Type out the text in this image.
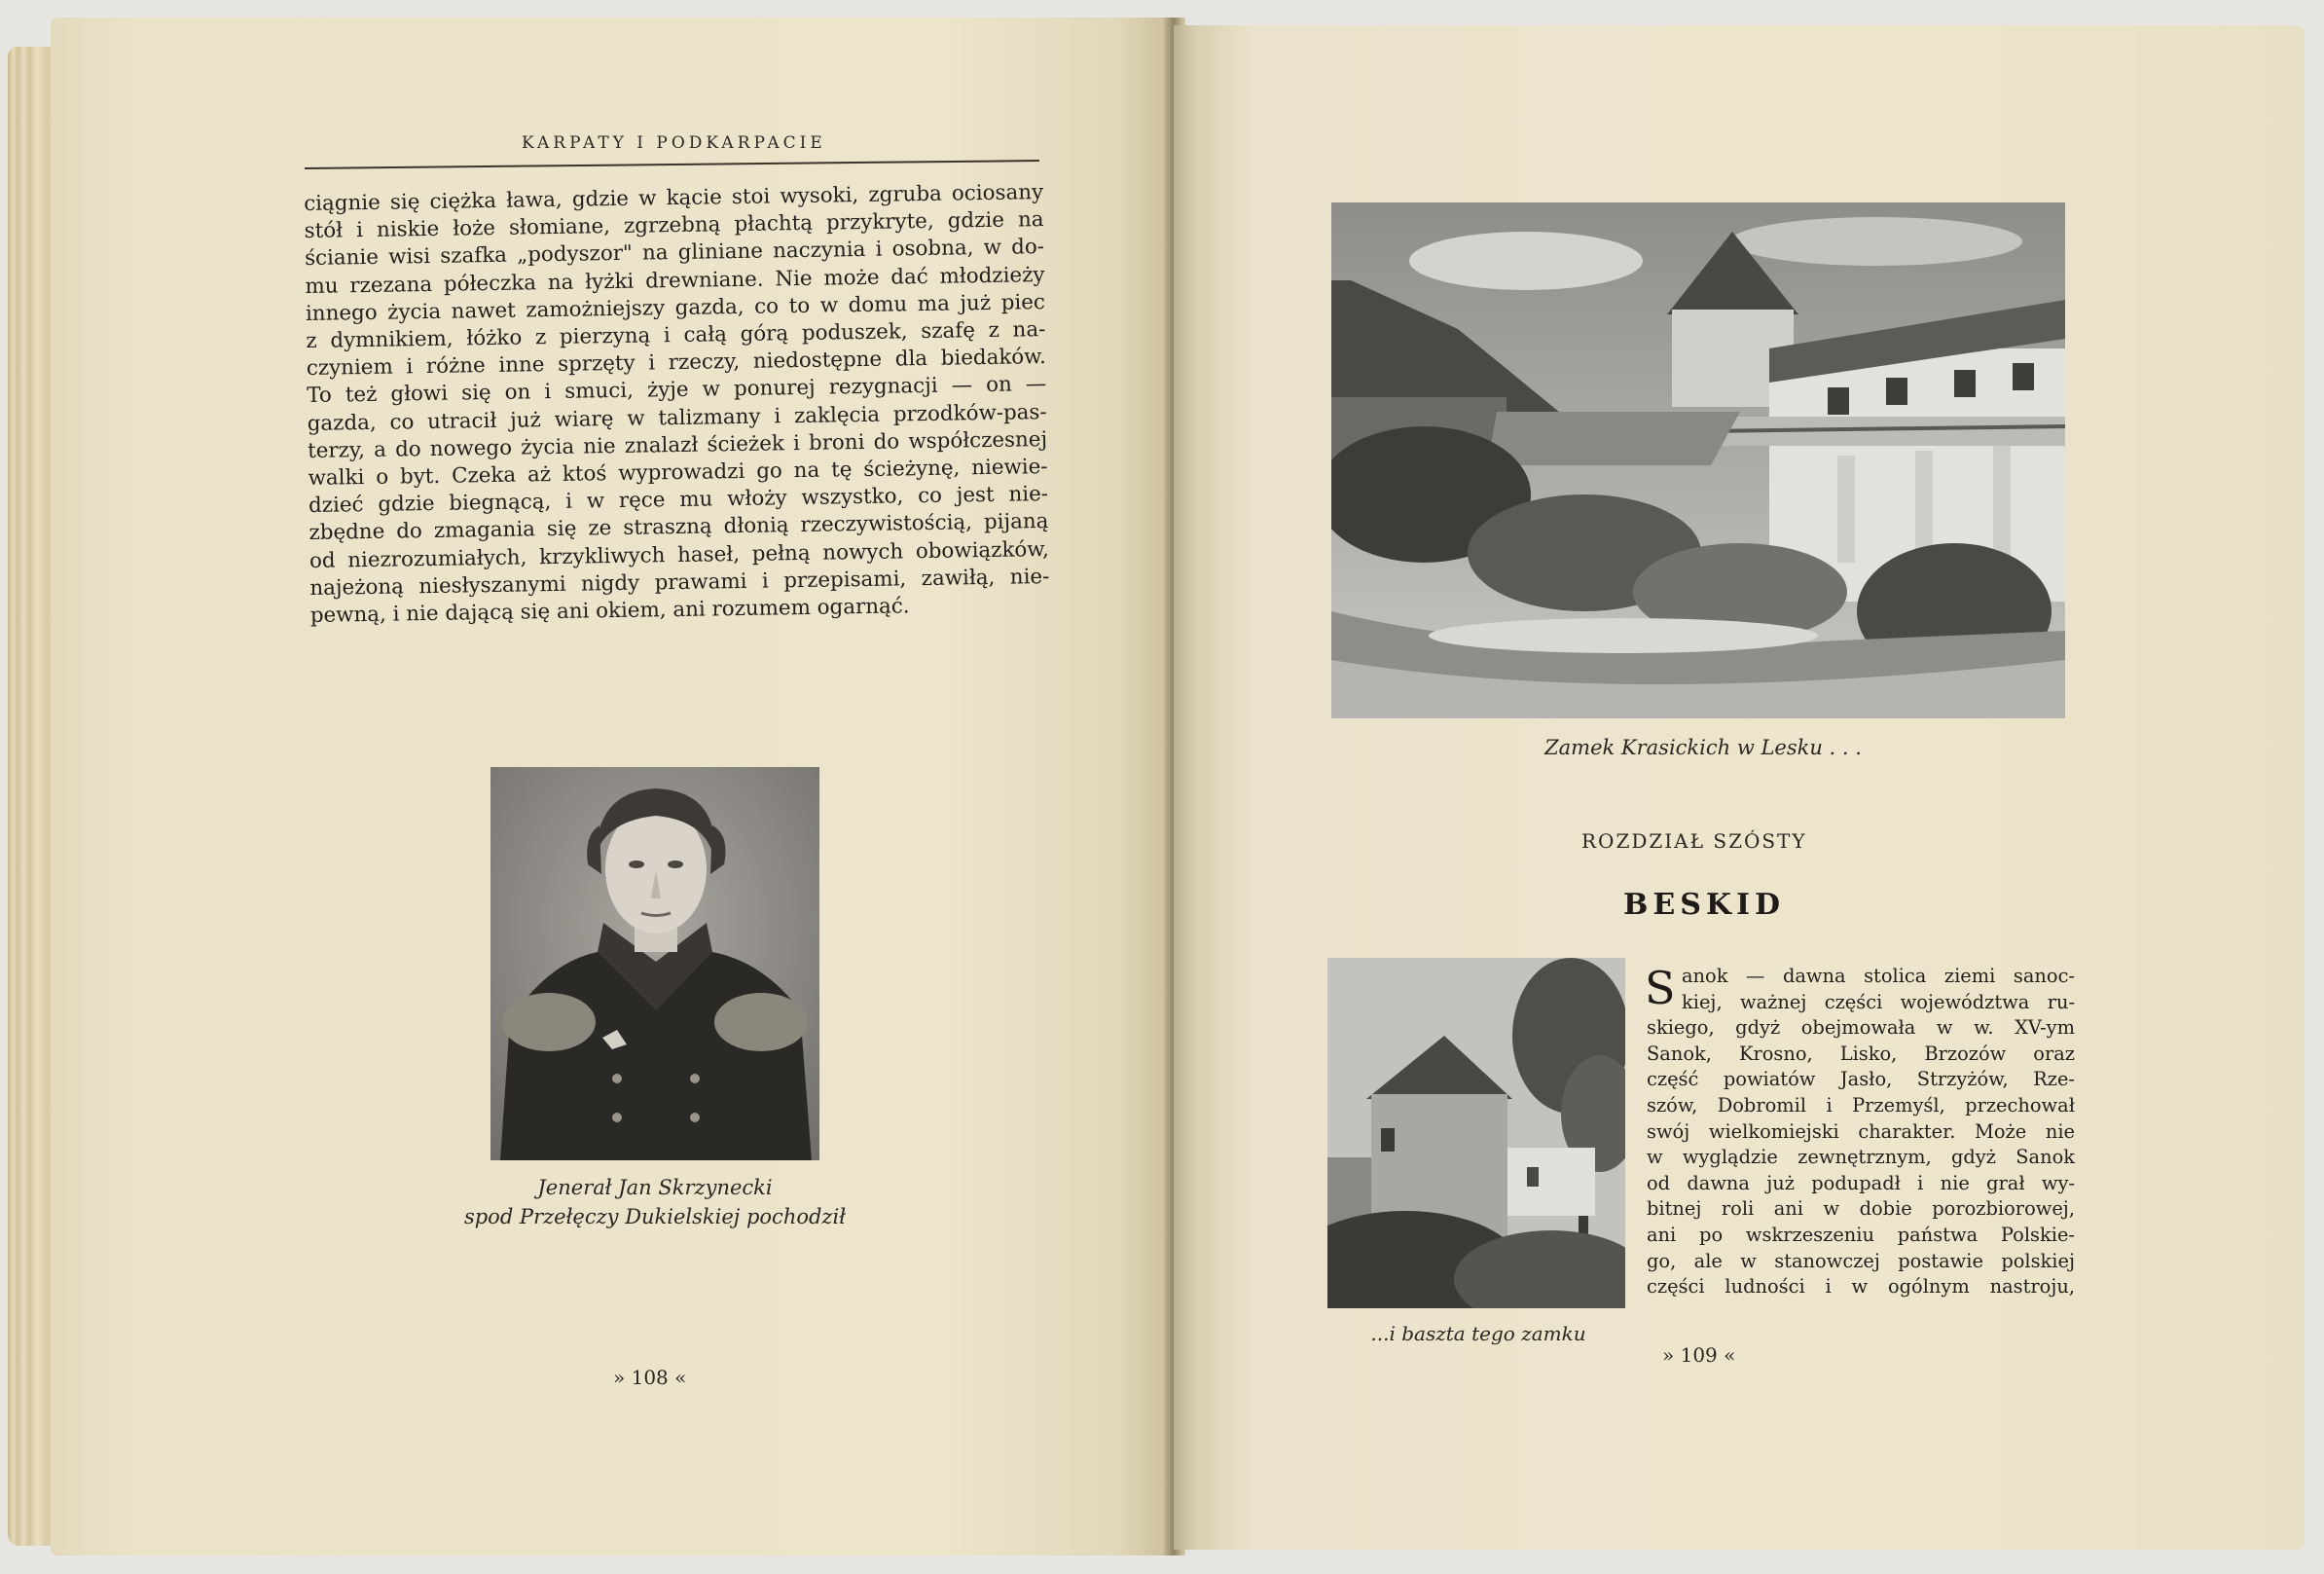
KARPATY I PODKARPACIE
ciągnie się ciężka ława, gdzie w kącie stoi wysoki, zgruba ociosany
stół i niskie łoże słomiane, zgrzebną płachtą przykryte, gdzie na
ścianie wisi szafka „podyszor" na gliniane naczynia i osobna, w do-
mu rzezana półeczka na łyżki drewniane. Nie może dać młodzieży
innego życia nawet zamożniejszy gazda, co to w domu ma już piec
z dymnikiem, łóżko z pierzyną i całą górą poduszek, szafę z na-
czyniem i różne inne sprzęty i rzeczy, niedostępne dla biedaków.
To też głowi się on i smuci, żyje w ponurej rezygnacji — on —
gazda, co utracił już wiarę w talizmany i zaklęcia przodków-pas-
terzy, a do nowego życia nie znalazł ścieżek i broni do współczesnej
walki o byt. Czeka aż ktoś wyprowadzi go na tę ścieżynę, niewie-
dzieć gdzie biegnącą, i w ręce mu włoży wszystko, co jest nie-
zbędne do zmagania się ze straszną dłonią rzeczywistością, pijaną
od niezrozumiałych, krzykliwych haseł, pełną nowych obowiązków,
najeżoną niesłyszanymi nigdy prawami i przepisami, zawiłą, nie-
pewną, i nie dającą się ani okiem, ani rozumem ogarnąć.
Jenerał Jan Skrzynecki
spod Przełęczy Dukielskiej pochodził
» 108 «
Zamek Krasickich w Lesku . . .
ROZDZIAŁ SZÓSTY
BESKID
...i baszta tego zamku
S anok — dawna stolica ziemi sanoc-
kiej, ważnej części województwa ru-
skiego, gdyż obejmowała w w. XV-ym
Sanok, Krosno, Lisko, Brzozów oraz
część powiatów Jasło, Strzyżów, Rze-
szów, Dobromil i Przemyśl, przechował
swój wielkomiejski charakter. Może nie
w wyglądzie zewnętrznym, gdyż Sanok
od dawna już podupadł i nie grał wy-
bitnej roli ani w dobie porozbiorowej,
ani po wskrzeszeniu państwa Polskie-
go, ale w stanowczej postawie polskiej
części ludności i w ogólnym nastroju,
» 109 «
